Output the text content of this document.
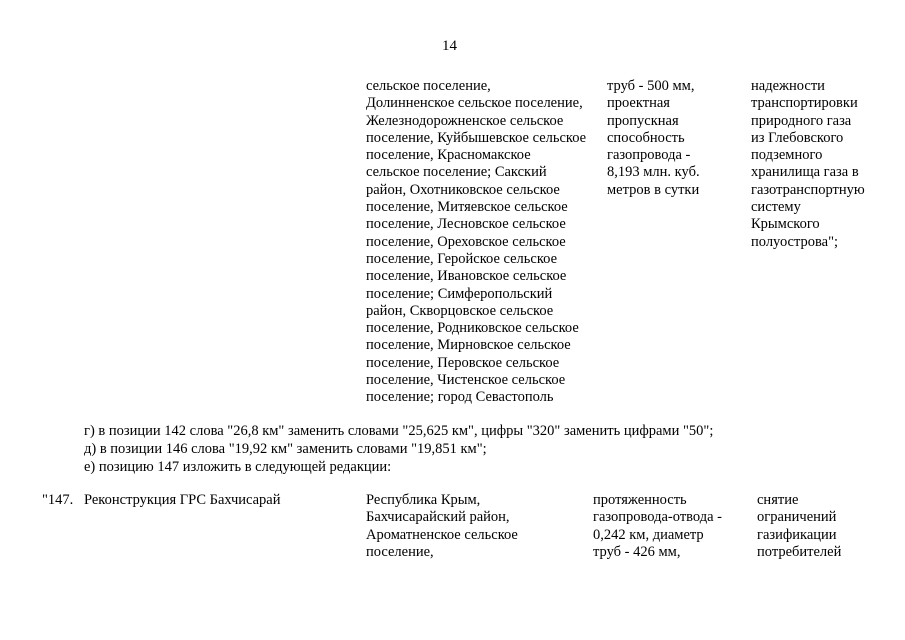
14
сельское поселение,
Долинненское сельское поселение,
Железнодорожненское сельское
поселение, Куйбышевское сельское
поселение, Красномакское
сельское поселение; Сакский
район, Охотниковское сельское
поселение, Митяевское сельское
поселение, Лесновское сельское
поселение, Ореховское сельское
поселение, Геройское сельское
поселение, Ивановское сельское
поселение; Симферопольский
район, Скворцовское сельское
поселение, Родниковское сельское
поселение, Мирновское сельское
поселение, Перовское сельское
поселение, Чистенское сельское
поселение; город Севастополь
труб - 500 мм,
проектная
пропускная
способность
газопровода -
8,193 млн. куб.
метров в сутки
надежности
транспортировки
природного газа
из Глебовского
подземного
хранилища газа в
газотранспортную
систему
Крымского
полуострова";
г) в позиции 142 слова "26,8 км" заменить словами "25,625 км", цифры "320" заменить цифрами "50";
д) в позиции 146 слова "19,92 км" заменить словами "19,851 км";
е) позицию 147 изложить в следующей редакции:
"147. Реконструкция ГРС Бахчисарай	Республика Крым,
Бахчисарайский район,
Ароматненское сельское
поселение,
протяженность
газопровода-отвода -
0,242 км, диаметр
труб - 426 мм,
снятие
ограничений
газификации
потребителей
